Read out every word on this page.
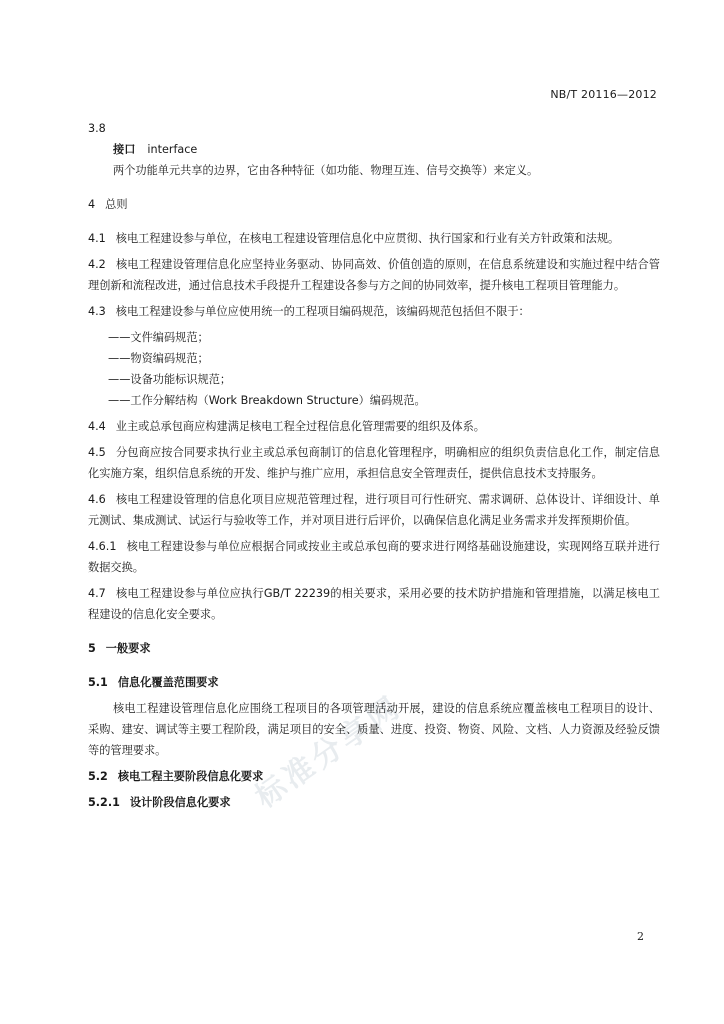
NB/T 20116—2012
标准分享网

3.8

接口 interface

两个功能单元共享的边界，它由各种特征（如功能、物理互连、信号交换等）来定义。

4 总则

4.1 核电工程建设参与单位，在核电工程建设管理信息化中应贯彻、执行国家和行业有关方针政策和法规。

4.2 核电工程建设管理信息化应坚持业务驱动、协同高效、价值创造的原则，在信息系统建设和实施过程中结合管理创新和流程改进，通过信息技术手段提升工程建设各参与方之间的协同效率，提升核电工程项目管理能力。

4.3 核电工程建设参与单位应使用统一的工程项目编码规范，该编码规范包括但不限于：

——文件编码规范；

——物资编码规范；

——设备功能标识规范；

——工作分解结构（Work Breakdown Structure）编码规范。

4.4 业主或总承包商应构建满足核电工程全过程信息化管理需要的组织及体系。

4.5 分包商应按合同要求执行业主或总承包商制订的信息化管理程序，明确相应的组织负责信息化工作，制定信息化实施方案，组织信息系统的开发、维护与推广应用，承担信息安全管理责任，提供信息技术支持服务。

4.6 核电工程建设管理的信息化项目应规范管理过程，进行项目可行性研究、需求调研、总体设计、详细设计、单元测试、集成测试、试运行与验收等工作，并对项目进行后评价，以确保信息化满足业务需求并发挥预期价值。

4.6.1 核电工程建设参与单位应根据合同或按业主或总承包商的要求进行网络基础设施建设，实现网络互联并进行数据交换。

4.7 核电工程建设参与单位应执行GB/T 22239的相关要求，采用必要的技术防护措施和管理措施，以满足核电工程建设的信息化安全要求。

5 一般要求

5.1 信息化覆盖范围要求

核电工程建设管理信息化应围绕工程项目的各项管理活动开展，建设的信息系统应覆盖核电工程项目的设计、采购、建安、调试等主要工程阶段，满足项目的安全、质量、进度、投资、物资、风险、文档、人力资源及经验反馈等的管理要求。

5.2 核电工程主要阶段信息化要求

5.2.1 设计阶段信息化要求

2
